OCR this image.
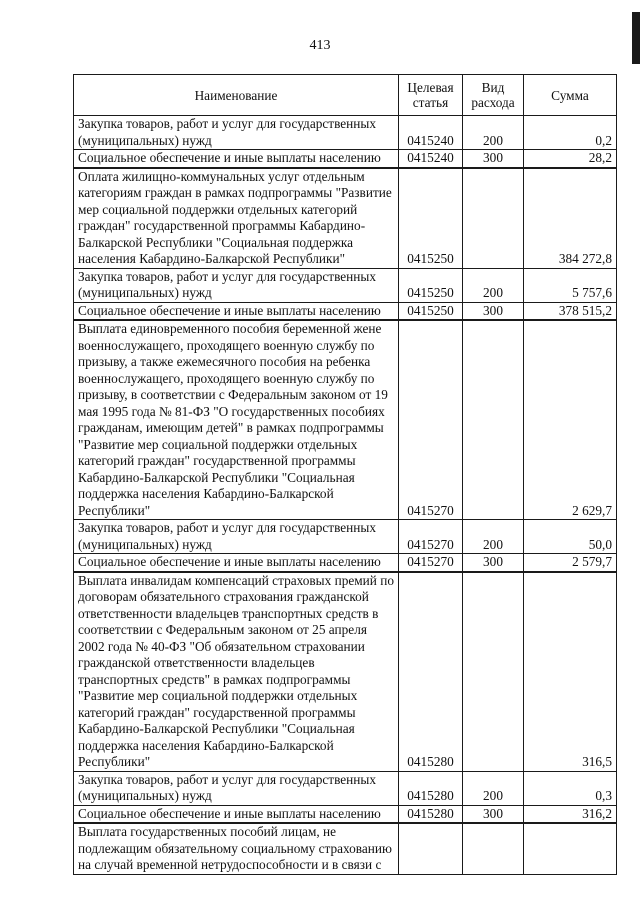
413
Наименование	Целевая статья	Вид расхода	Сумма
Закупка товаров, работ и услуг для государственных (муниципальных) нужд	0415240	200	0,2
Социальное обеспечение и иные выплаты населению	0415240	300	28,2
Оплата жилищно-коммунальных услуг отдельным категориям граждан в рамках подпрограммы "Развитие мер социальной поддержки отдельных категорий граждан" государственной программы Кабардино-Балкарской Республики "Социальная поддержка населения Кабардино-Балкарской Республики"	0415250		384 272,8
Закупка товаров, работ и услуг для государственных (муниципальных) нужд	0415250	200	5 757,6
Социальное обеспечение и иные выплаты населению	0415250	300	378 515,2
Выплата единовременного пособия беременной жене военнослужащего, проходящего военную службу по призыву, а также ежемесячного пособия на ребенка военнослужащего, проходящего военную службу по призыву, в соответствии с Федеральным законом от 19 мая 1995 года № 81-ФЗ "О государственных пособиях гражданам, имеющим детей" в рамках подпрограммы "Развитие мер социальной поддержки отдельных категорий граждан" государственной программы Кабардино-Балкарской Республики "Социальная поддержка населения Кабардино-Балкарской Республики"	0415270		2 629,7
Закупка товаров, работ и услуг для государственных (муниципальных) нужд	0415270	200	50,0
Социальное обеспечение и иные выплаты населению	0415270	300	2 579,7
Выплата инвалидам компенсаций страховых премий по договорам обязательного страхования гражданской ответственности владельцев транспортных средств в соответствии с Федеральным законом от 25 апреля 2002 года № 40-ФЗ "Об обязательном страховании гражданской ответственности владельцев транспортных средств" в рамках подпрограммы "Развитие мер социальной поддержки отдельных категорий граждан" государственной программы Кабардино-Балкарской Республики "Социальная поддержка населения Кабардино-Балкарской Республики"	0415280		316,5
Закупка товаров, работ и услуг для государственных (муниципальных) нужд	0415280	200	0,3
Социальное обеспечение и иные выплаты населению	0415280	300	316,2
Выплата государственных пособий лицам, не подлежащим обязательному социальному страхованию на случай временной нетрудоспособности и в связи с			
